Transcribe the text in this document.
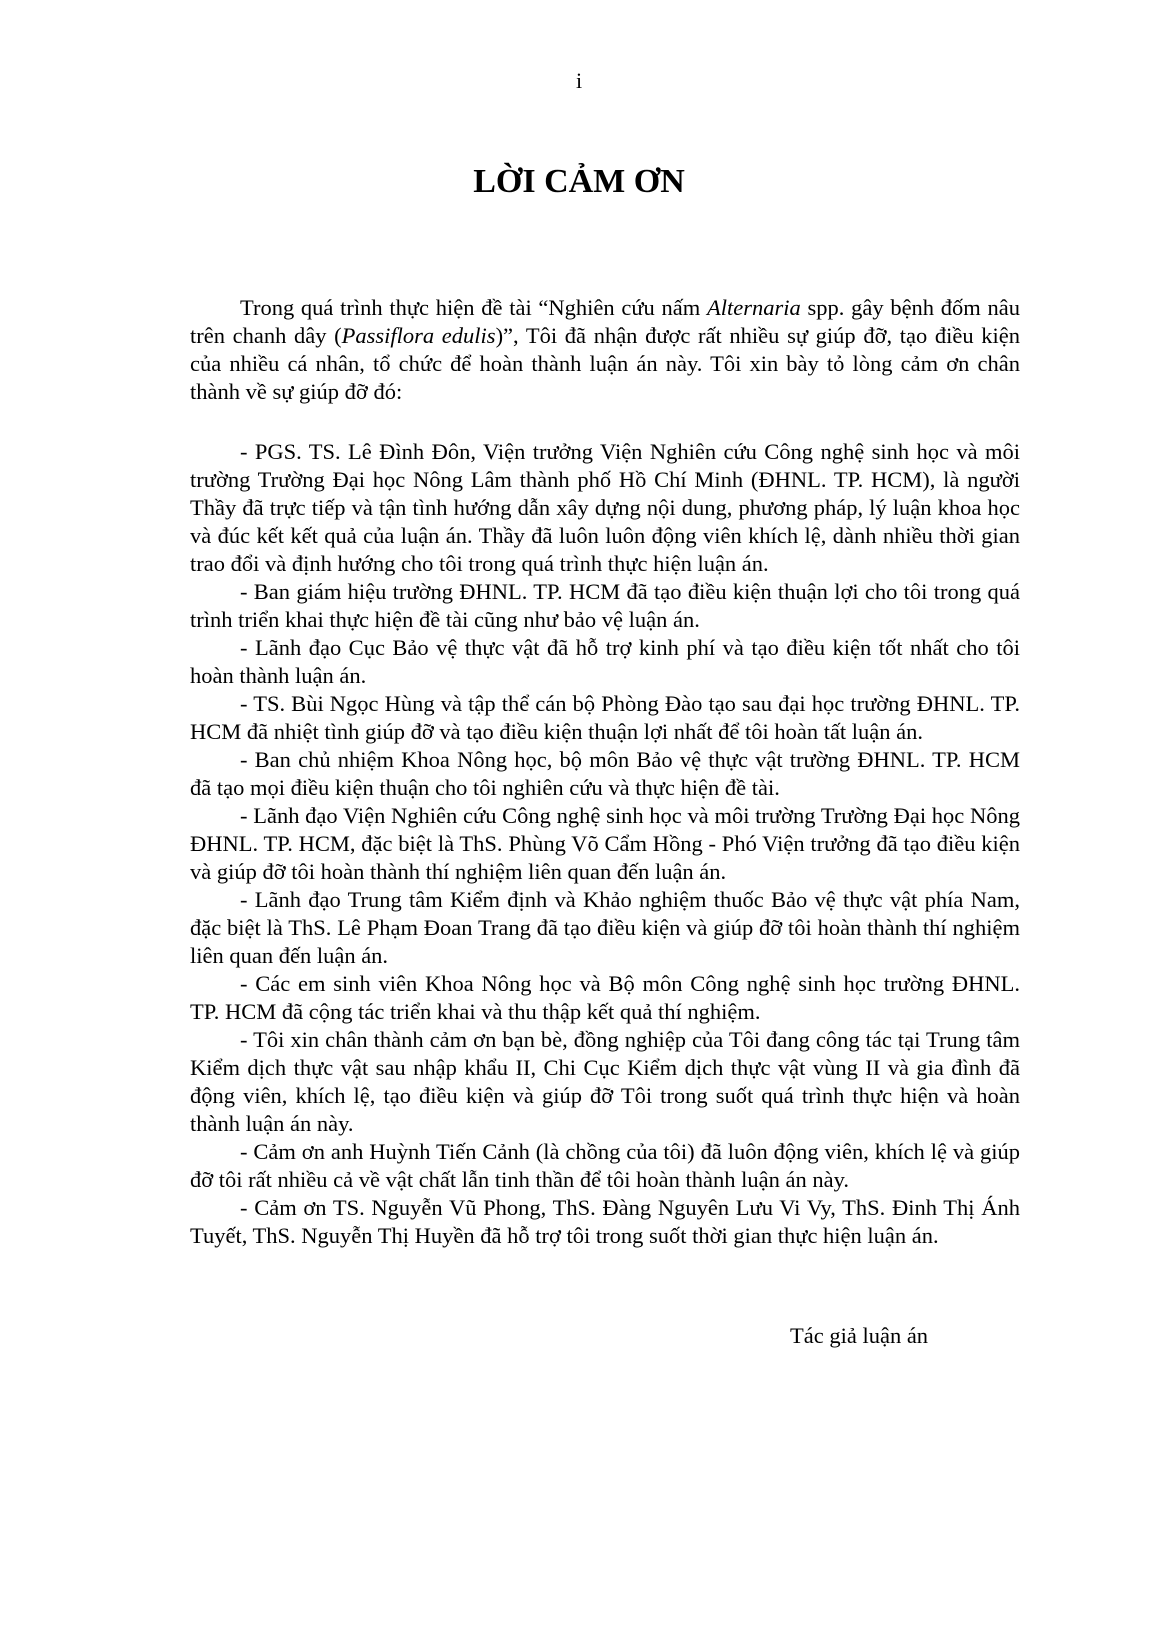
i
LỜI CẢM ƠN

Trong quá trình thực hiện đề tài “Nghiên cứu nấm Alternaria spp. gây bệnh đốm nâu trên chanh dây (Passiflora edulis)”, Tôi đã nhận được rất nhiều sự giúp đỡ, tạo điều kiện của nhiều cá nhân, tổ chức để hoàn thành luận án này. Tôi xin bày tỏ lòng cảm ơn chân thành về sự giúp đỡ đó:

- PGS. TS. Lê Đình Đôn, Viện trưởng Viện Nghiên cứu Công nghệ sinh học và môi trường Trường Đại học Nông Lâm thành phố Hồ Chí Minh (ĐHNL. TP. HCM), là người Thầy đã trực tiếp và tận tình hướng dẫn xây dựng nội dung, phương pháp, lý luận khoa học và đúc kết kết quả của luận án. Thầy đã luôn luôn động viên khích lệ, dành nhiều thời gian trao đổi và định hướng cho tôi trong quá trình thực hiện luận án.

- Ban giám hiệu trường ĐHNL. TP. HCM đã tạo điều kiện thuận lợi cho tôi trong quá trình triển khai thực hiện đề tài cũng như bảo vệ luận án.

- Lãnh đạo Cục Bảo vệ thực vật đã hỗ trợ kinh phí và tạo điều kiện tốt nhất cho tôi hoàn thành luận án.

- TS. Bùi Ngọc Hùng và tập thể cán bộ Phòng Đào tạo sau đại học trường ĐHNL. TP. HCM đã nhiệt tình giúp đỡ và tạo điều kiện thuận lợi nhất để tôi hoàn tất luận án.

- Ban chủ nhiệm Khoa Nông học, bộ môn Bảo vệ thực vật trường ĐHNL. TP. HCM đã tạo mọi điều kiện thuận cho tôi nghiên cứu và thực hiện đề tài.

- Lãnh đạo Viện Nghiên cứu Công nghệ sinh học và môi trường Trường Đại học Nông ĐHNL. TP. HCM, đặc biệt là ThS. Phùng Võ Cẩm Hồng - Phó Viện trưởng đã tạo điều kiện và giúp đỡ tôi hoàn thành thí nghiệm liên quan đến luận án.

- Lãnh đạo Trung tâm Kiểm định và Khảo nghiệm thuốc Bảo vệ thực vật phía Nam, đặc biệt là ThS. Lê Phạm Đoan Trang đã tạo điều kiện và giúp đỡ tôi hoàn thành thí nghiệm liên quan đến luận án.

- Các em sinh viên Khoa Nông học và Bộ môn Công nghệ sinh học trường ĐHNL. TP. HCM đã cộng tác triển khai và thu thập kết quả thí nghiệm.

- Tôi xin chân thành cảm ơn bạn bè, đồng nghiệp của Tôi đang công tác tại Trung tâm Kiểm dịch thực vật sau nhập khẩu II, Chi Cục Kiểm dịch thực vật vùng II và gia đình đã động viên, khích lệ, tạo điều kiện và giúp đỡ Tôi trong suốt quá trình thực hiện và hoàn thành luận án này.

- Cảm ơn anh Huỳnh Tiến Cảnh (là chồng của tôi) đã luôn động viên, khích lệ và giúp đỡ tôi rất nhiều cả về vật chất lẫn tinh thần để tôi hoàn thành luận án này.

- Cảm ơn TS. Nguyễn Vũ Phong, ThS. Đàng Nguyên Lưu Vi Vy, ThS. Đinh Thị Ánh Tuyết, ThS. Nguyễn Thị Huyền đã hỗ trợ tôi trong suốt thời gian thực hiện luận án.

Tác giả luận án
